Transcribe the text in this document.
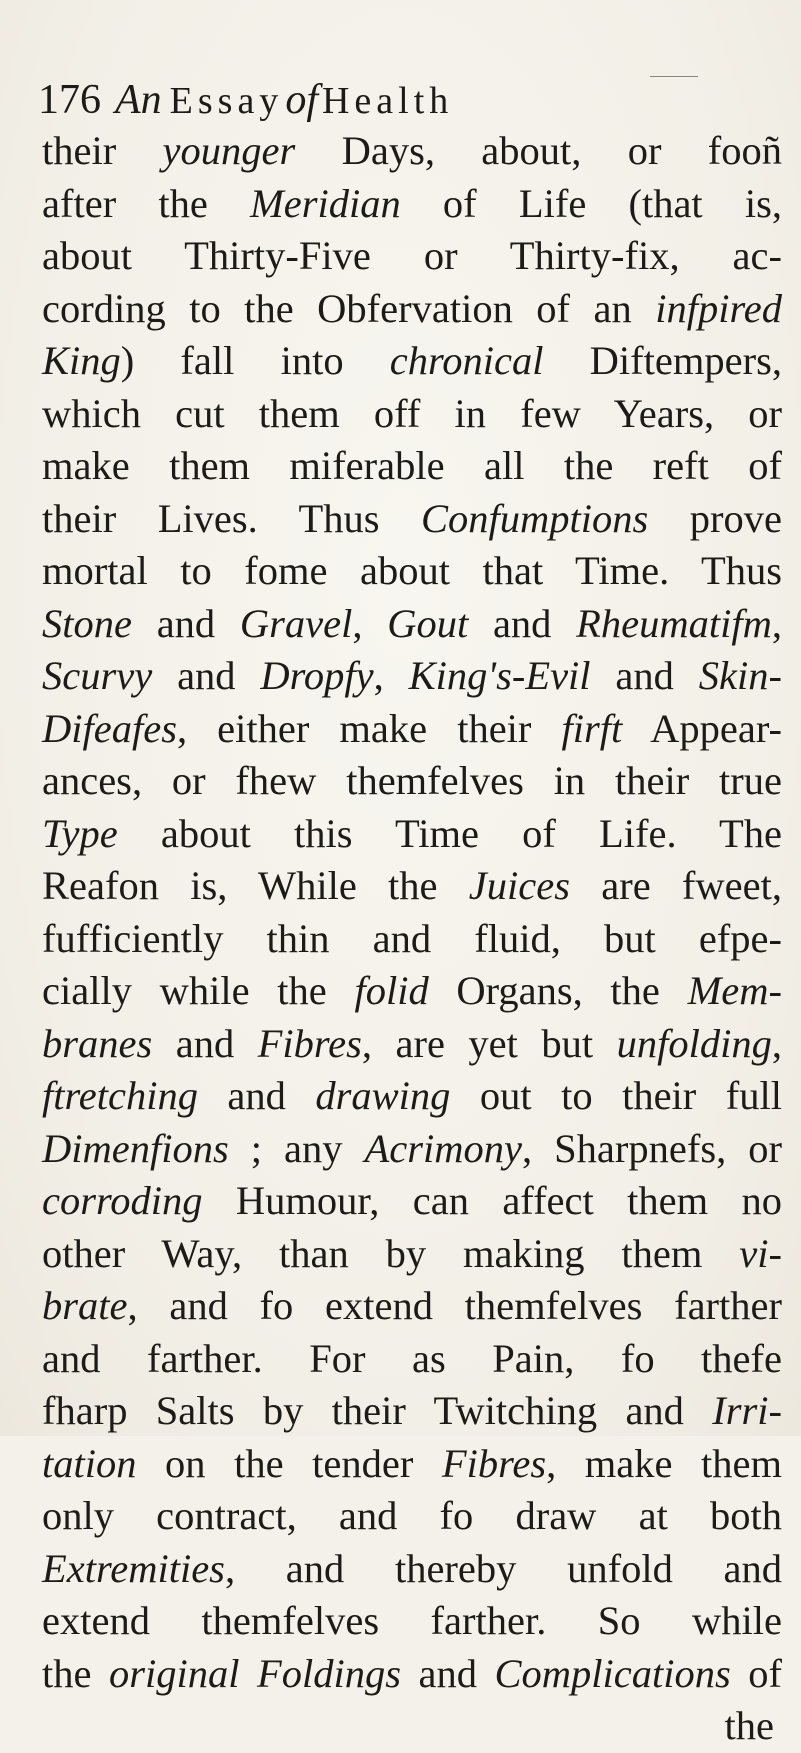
176 An Essayof Health
their younger Days, about, or fooñ
after the Meridian of Life (that is,
about Thirty-Five or Thirty-fix, ac-
cording to the Obfervation of an infpired
King) fall into chronical Diftempers,
which cut them off in few Years, or
make them miferable all the reft of
their Lives. Thus Confumptions prove
mortal to fome about that Time. Thus
Stone and Gravel, Gout and Rheumatifm,
Scurvy and Dropfy, King's-Evil and Skin-
Difeafes, either make their firft Appear-
ances, or fhew themfelves in their true
Type about this Time of Life. The
Reafon is, While the Juices are fweet,
fufficiently thin and fluid, but efpe-
cially while the folid Organs, the Mem-
branes and Fibres, are yet but unfolding,
ftretching and drawing out to their full
Dimenfions ; any Acrimony, Sharpnefs, or
corroding Humour, can affect them no
other Way, than by making them vi-
brate, and fo extend themfelves farther
and farther. For as Pain, fo thefe
fharp Salts by their Twitching and Irri-
tation on the tender Fibres, make them
only contract, and fo draw at both
Extremities, and thereby unfold and
extend themfelves farther. So while
the original Foldings and Complications of
the
